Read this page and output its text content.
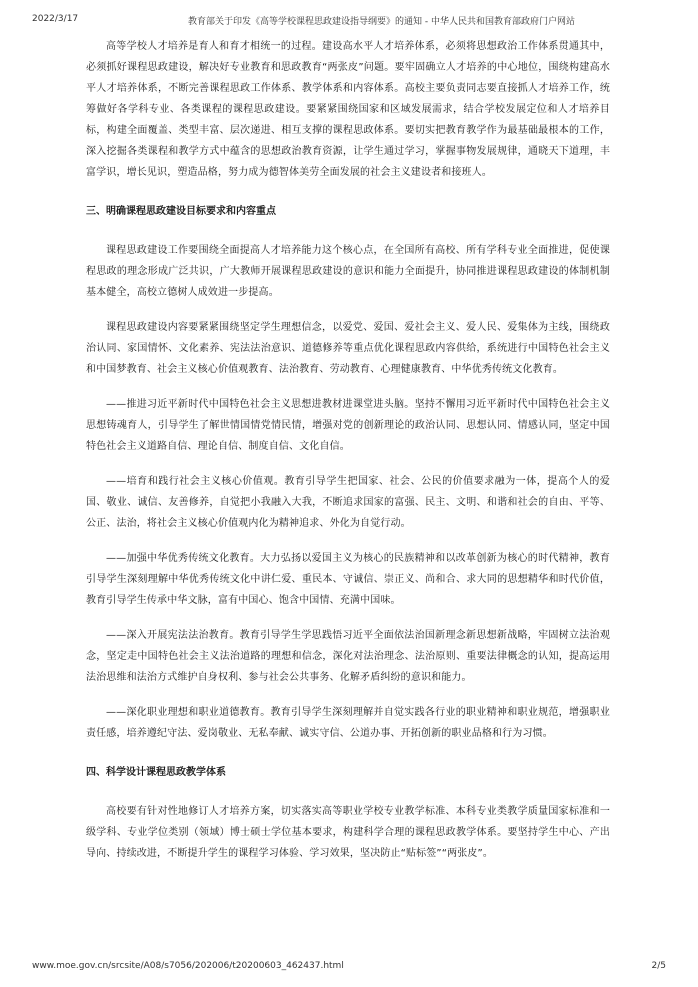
2022/3/17	教育部关于印发《高等学校课程思政建设指导纲要》的通知 - 中华人民共和国教育部政府门户网站

高等学校人才培养是育人和育才相统一的过程。建设高水平人才培养体系，必须将思想政治工作体系贯通其中，必须抓好课程思政建设，解决好专业教育和思政教育“两张皮”问题。要牢固确立人才培养的中心地位，围绕构建高水平人才培养体系，不断完善课程思政工作体系、教学体系和内容体系。高校主要负责同志要直接抓人才培养工作，统筹做好各学科专业、各类课程的课程思政建设。要紧紧围绕国家和区域发展需求，结合学校发展定位和人才培养目标，构建全面覆盖、类型丰富、层次递进、相互支撑的课程思政体系。要切实把教育教学作为最基础最根本的工作，深入挖掘各类课程和教学方式中蕴含的思想政治教育资源，让学生通过学习，掌握事物发展规律，通晓天下道理，丰富学识，增长见识，塑造品格，努力成为德智体美劳全面发展的社会主义建设者和接班人。

三、明确课程思政建设目标要求和内容重点

课程思政建设工作要围绕全面提高人才培养能力这个核心点，在全国所有高校、所有学科专业全面推进，促使课程思政的理念形成广泛共识，广大教师开展课程思政建设的意识和能力全面提升，协同推进课程思政建设的体制机制基本健全，高校立德树人成效进一步提高。

课程思政建设内容要紧紧围绕坚定学生理想信念，以爱党、爱国、爱社会主义、爱人民、爱集体为主线，围绕政治认同、家国情怀、文化素养、宪法法治意识、道德修养等重点优化课程思政内容供给，系统进行中国特色社会主义和中国梦教育、社会主义核心价值观教育、法治教育、劳动教育、心理健康教育、中华优秀传统文化教育。

——推进习近平新时代中国特色社会主义思想进教材进课堂进头脑。坚持不懈用习近平新时代中国特色社会主义思想铸魂育人，引导学生了解世情国情党情民情，增强对党的创新理论的政治认同、思想认同、情感认同，坚定中国特色社会主义道路自信、理论自信、制度自信、文化自信。

——培育和践行社会主义核心价值观。教育引导学生把国家、社会、公民的价值要求融为一体，提高个人的爱国、敬业、诚信、友善修养，自觉把小我融入大我，不断追求国家的富强、民主、文明、和谐和社会的自由、平等、公正、法治，将社会主义核心价值观内化为精神追求、外化为自觉行动。

——加强中华优秀传统文化教育。大力弘扬以爱国主义为核心的民族精神和以改革创新为核心的时代精神，教育引导学生深刻理解中华优秀传统文化中讲仁爱、重民本、守诚信、崇正义、尚和合、求大同的思想精华和时代价值，教育引导学生传承中华文脉，富有中国心、饱含中国情、充满中国味。

——深入开展宪法法治教育。教育引导学生学思践悟习近平全面依法治国新理念新思想新战略，牢固树立法治观念，坚定走中国特色社会主义法治道路的理想和信念，深化对法治理念、法治原则、重要法律概念的认知，提高运用法治思维和法治方式维护自身权利、参与社会公共事务、化解矛盾纠纷的意识和能力。

——深化职业理想和职业道德教育。教育引导学生深刻理解并自觉实践各行业的职业精神和职业规范，增强职业责任感，培养遵纪守法、爱岗敬业、无私奉献、诚实守信、公道办事、开拓创新的职业品格和行为习惯。

四、科学设计课程思政教学体系

高校要有针对性地修订人才培养方案，切实落实高等职业学校专业教学标准、本科专业类教学质量国家标准和一级学科、专业学位类别（领域）博士硕士学位基本要求，构建科学合理的课程思政教学体系。要坚持学生中心、产出导向、持续改进，不断提升学生的课程学习体验、学习效果，坚决防止“贴标签”“两张皮”。

www.moe.gov.cn/srcsite/A08/s7056/202006/t20200603_462437.html	2/5
